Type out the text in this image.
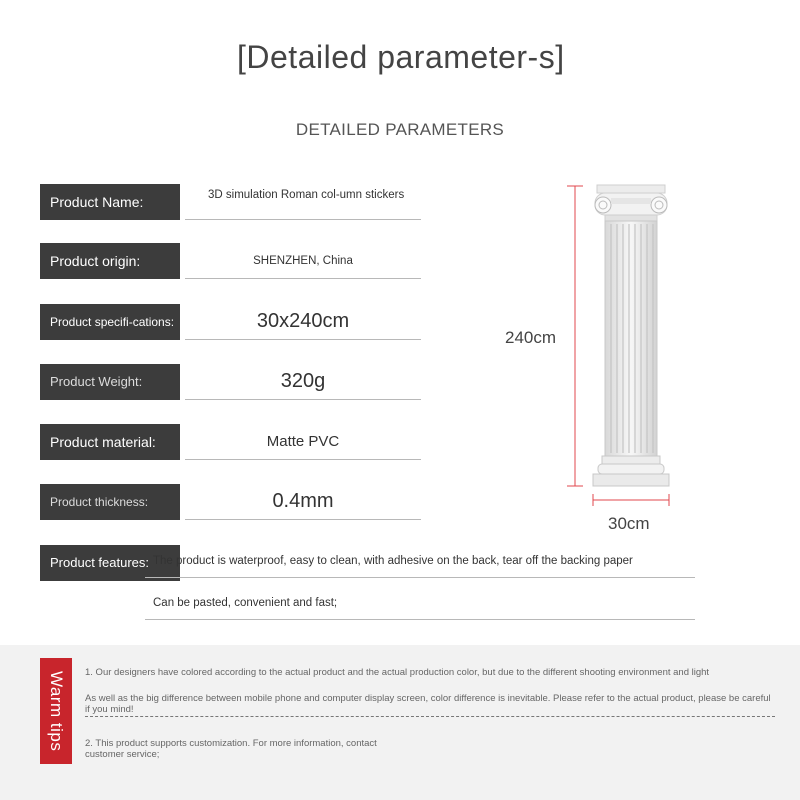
[Detailed parameter-s]
DETAILED PARAMETERS
Product Name:	3D simulation Roman col-umn stickers
Product origin:	SHENZHEN, China
Product specifi-cations:	30x240cm
Product Weight:	320g
Product material:	Matte PVC
Product thickness:	0.4mm
Product features: The product is waterproof, easy to clean, with adhesive on the back, tear off the backing paper
Can be pasted, convenient and fast;
240cm
30cm
Warm tips 1. Our designers have colored according to the actual product and the actual production color, but due to the different shooting environment and light
As well as the big difference between mobile phone and computer display screen, color difference is inevitable. Please refer to the actual product, please be careful if you mind!
2. This product supports customization. For more information, contact customer service;
